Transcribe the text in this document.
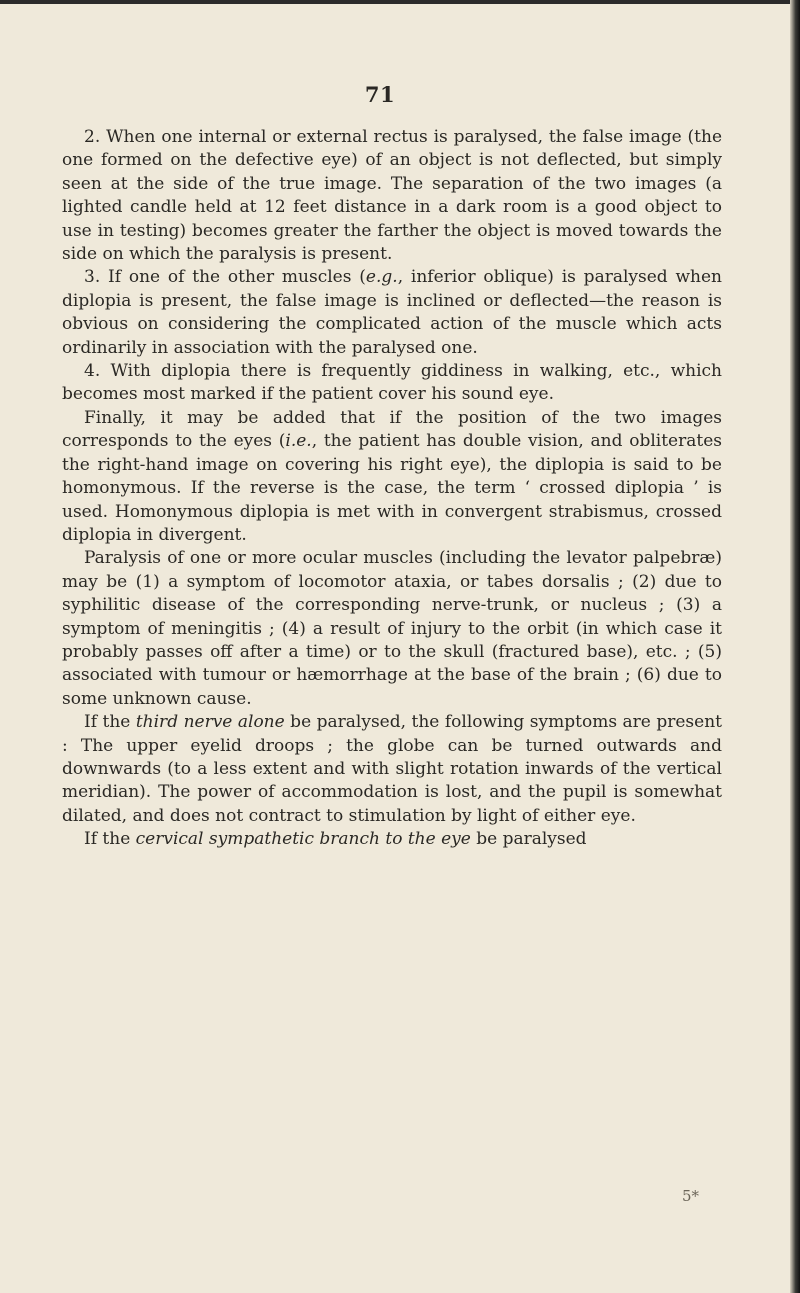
71

2. When one internal or external rectus is paralysed, the false image (the one formed on the defective eye) of an object is not deflected, but simply seen at the side of the true image. The separation of the two images (a lighted candle held at 12 feet distance in a dark room is a good object to use in testing) becomes greater the farther the object is moved towards the side on which the paralysis is present.

3. If one of the other muscles (e.g., inferior oblique) is paralysed when diplopia is present, the false image is inclined or deflected—the reason is obvious on considering the complicated action of the muscle which acts ordinarily in association with the paralysed one.

4. With diplopia there is frequently giddiness in walking, etc., which becomes most marked if the patient cover his sound eye.

Finally, it may be added that if the position of the two images corresponds to the eyes (i.e., the patient has double vision, and obliterates the right-hand image on covering his right eye), the diplopia is said to be homonymous. If the reverse is the case, the term ‘ crossed diplopia ’ is used. Homonymous diplopia is met with in convergent strabismus, crossed diplopia in divergent.

Paralysis of one or more ocular muscles (including the levator palpebræ) may be (1) a symptom of locomotor ataxia, or tabes dorsalis ; (2) due to syphilitic disease of the corresponding nerve-trunk, or nucleus ; (3) a symptom of meningitis ; (4) a result of injury to the orbit (in which case it probably passes off after a time) or to the skull (fractured base), etc. ; (5) associated with tumour or hæmorrhage at the base of the brain ; (6) due to some unknown cause.

If the third nerve alone be paralysed, the following symptoms are present : The upper eyelid droops ; the globe can be turned outwards and downwards (to a less extent and with slight rotation inwards of the vertical meridian). The power of accommodation is lost, and the pupil is somewhat dilated, and does not contract to stimulation by light of either eye.

If the cervical sympathetic branch to the eye be paralysed

5*
